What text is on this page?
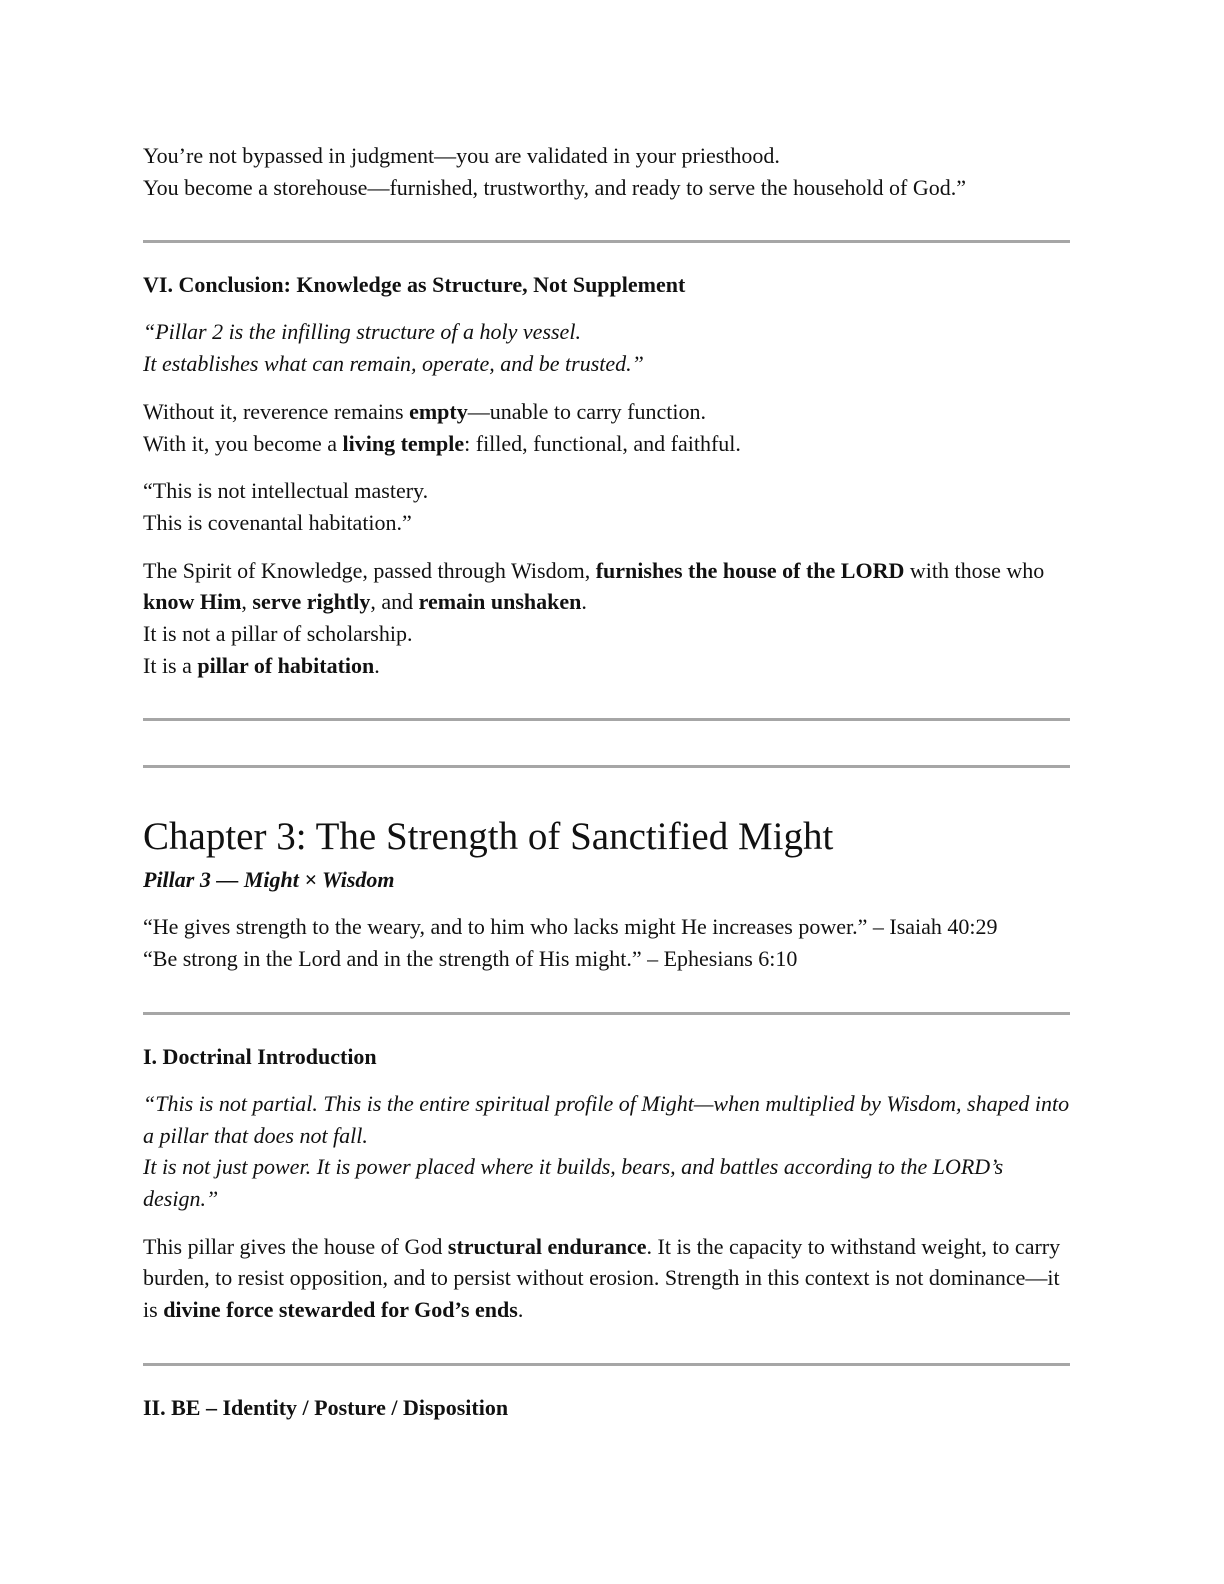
You’re not bypassed in judgment—you are validated in your priesthood.
You become a storehouse—furnished, trustworthy, and ready to serve the household of God.”
VI. Conclusion: Knowledge as Structure, Not Supplement
“Pillar 2 is the infilling structure of a holy vessel.
It establishes what can remain, operate, and be trusted.”
Without it, reverence remains empty—unable to carry function.
With it, you become a living temple: filled, functional, and faithful.
“This is not intellectual mastery.
This is covenantal habitation.”
The Spirit of Knowledge, passed through Wisdom, furnishes the house of the LORD with those who know Him, serve rightly, and remain unshaken.
It is not a pillar of scholarship.
It is a pillar of habitation.
Chapter 3: The Strength of Sanctified Might
Pillar 3 — Might × Wisdom
“He gives strength to the weary, and to him who lacks might He increases power.” – Isaiah 40:29
“Be strong in the Lord and in the strength of His might.” – Ephesians 6:10
I. Doctrinal Introduction
“This is not partial. This is the entire spiritual profile of Might—when multiplied by Wisdom, shaped into a pillar that does not fall.
It is not just power. It is power placed where it builds, bears, and battles according to the LORD’s design.”
This pillar gives the house of God structural endurance. It is the capacity to withstand weight, to carry burden, to resist opposition, and to persist without erosion. Strength in this context is not dominance—it is divine force stewarded for God’s ends.
II. BE – Identity / Posture / Disposition
